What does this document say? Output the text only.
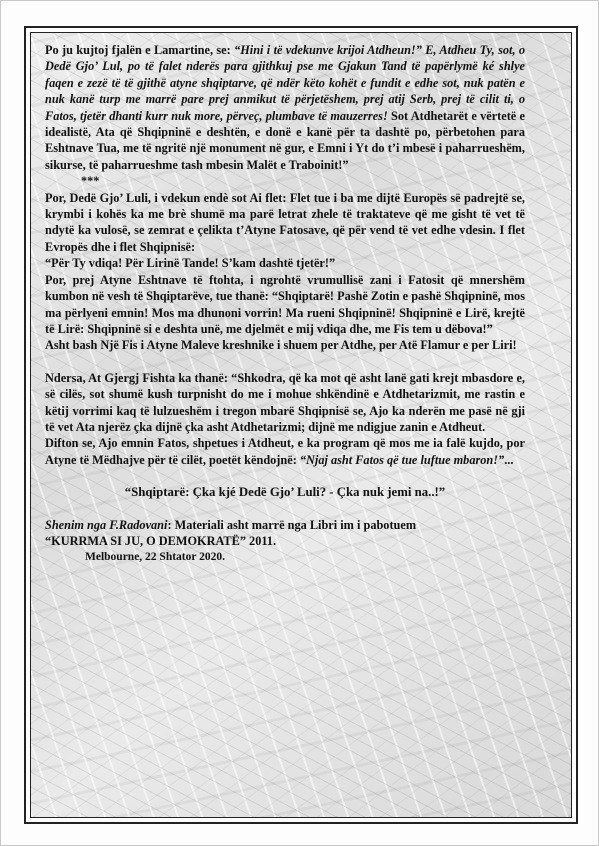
Po ju kujtoj fjalën e Lamartine, se: “Hini i të vdekunve krijoi Atdheun!” E, Atdheu Ty, sot, o Dedë Gjo’ Lul, po të falet nderës para gjithkuj pse me Gjakun Tand të papërlymë ké shlye faqen e zezë të të gjithë atyne shqiptarve, që ndër këto kohët e fundit e edhe sot, nuk patën e nuk kanë turp me marrë pare prej anmikut të përjetëshem, prej atij Serb, prej të cilit ti, o Fatos, tjetër dhanti kurr nuk more, përveç, plumbave të mauzerres! Sot Atdhetarët e vërtetë e idealistë, Ata që Shqipninë e deshtën, e donë e kanë për ta dashtë po, përbetohen para Eshtnave Tua, me të ngritë një monument në gur, e Emni i Yt do t’i mbesë i paharrueshëm, sikurse, të paharrueshme tash mbesin Malët e Traboinit!”

***

Por, Dedë Gjo’ Luli, i vdekun endè sot Ai flet: Flet tue i ba me dijtë Europës së padrejtë se, krymbi i kohës ka me brè shumë ma parë letrat zhele të traktateve që me gisht të vet të ndytë ka vulosë, se zemrat e çelikta t’Atyne Fatosave, që për vend të vet edhe vdesin. I flet Evropës dhe i flet Shqipnisë:

“Për Ty vdiqa! Për Lirinë Tande! S’kam dashtë tjetër!”

Por, prej Atyne Eshtnave të ftohta, i ngrohtë vrumullisë zani i Fatosit që mnershëm kumbon në vesh të Shqiptarëve, tue thanë: “Shqiptarë! Pashë Zotin e pashë Shqipninë, mos ma përlyeni emnin! Mos ma dhunoni vorrin! Ma rueni Shqipninë! Shqipninë e Lirë, krejtë të Lirë: Shqipninë si e deshta unë, me djelmët e mij vdiqa dhe, me Fis tem u dëbova!”

Asht bash Një Fis i Atyne Maleve kreshnike i shuem per Atdhe, per Atë Flamur e per Liri!

Ndersa, At Gjergj Fishta ka thanë: “Shkodra, që ka mot që asht lanë gati krejt mbasdore e, së cilës, sot shumë kush turpnisht do me i mohue shkëndinë e Atdhetarizmit, me rastin e këtij vorrimi kaq të lulzueshëm i tregon mbarë Shqipnisë se, Ajo ka nderën me pasë në gji të vet Ata njerëz çka dijnë çka asht Atdhetarizmi; dijnë me ndigjue zanin e Atdheut.

Difton se, Ajo emnin Fatos, shpetues i Atdheut, e ka program që mos me ia falë kujdo, por Atyne të Mëdhajve për të cilët, poetët këndojnë: “Njaj asht Fatos që tue luftue mbaron!”...

“Shqiptarë: Çka kjé Dedë Gjo’ Luli? - Çka nuk jemi na..!”

Shenim nga F.Radovani: Materiali asht marrë nga Libri im i pabotuem

“KURRMA SI JU, O DEMOKRATË” 2011.

Melbourne, 22 Shtator 2020.
